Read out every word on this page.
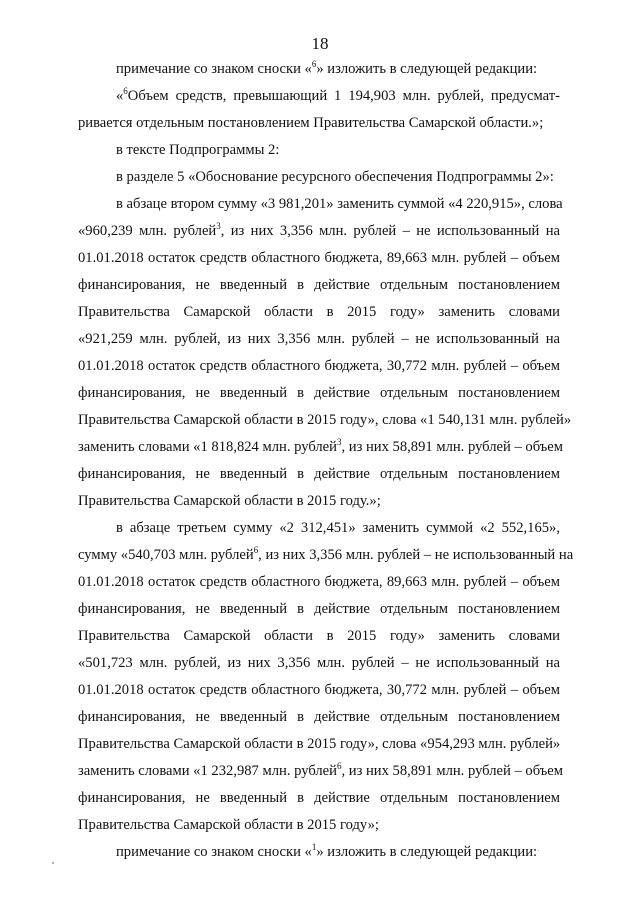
18
примечание со знаком сноски «$^6$» изложить в следующей редакции:
«$^6$Объем средств, превышающий 1 194,903 млн. рублей, предусмат-
ривается отдельным постановлением Правительства Самарской области.»;
в тексте Подпрограммы 2:
в разделе 5 «Обоснование ресурсного обеспечения Подпрограммы 2»:
в абзаце втором сумму «3 981,201» заменить суммой «4 220,915», слова
«960,239 млн. рублей$^3$, из них 3,356 млн. рублей – не использованный на
01.01.2018 остаток средств областного бюджета, 89,663 млн. рублей – объем
финансирования, не введенный в действие отдельным постановлением
Правительства Самарской области в 2015 году» заменить словами
«921,259 млн. рублей, из них 3,356 млн. рублей – не использованный на
01.01.2018 остаток средств областного бюджета, 30,772 млн. рублей – объем
финансирования, не введенный в действие отдельным постановлением
Правительства Самарской области в 2015 году», слова «1 540,131 млн. рублей»
заменить словами «1 818,824 млн. рублей$^3$, из них 58,891 млн. рублей – объем
финансирования, не введенный в действие отдельным постановлением
Правительства Самарской области в 2015 году.»;
в абзаце третьем сумму «2 312,451» заменить суммой «2 552,165»,
сумму «540,703 млн. рублей$^6$, из них 3,356 млн. рублей – не использованный на
01.01.2018 остаток средств областного бюджета, 89,663 млн. рублей – объем
финансирования, не введенный в действие отдельным постановлением
Правительства Самарской области в 2015 году» заменить словами
«501,723 млн. рублей, из них 3,356 млн. рублей – не использованный на
01.01.2018 остаток средств областного бюджета, 30,772 млн. рублей – объем
финансирования, не введенный в действие отдельным постановлением
Правительства Самарской области в 2015 году», слова «954,293 млн. рублей»
заменить словами «1 232,987 млн. рублей$^6$, из них 58,891 млн. рублей – объем
финансирования, не введенный в действие отдельным постановлением
Правительства Самарской области в 2015 году»;
примечание со знаком сноски «$^1$» изложить в следующей редакции:
